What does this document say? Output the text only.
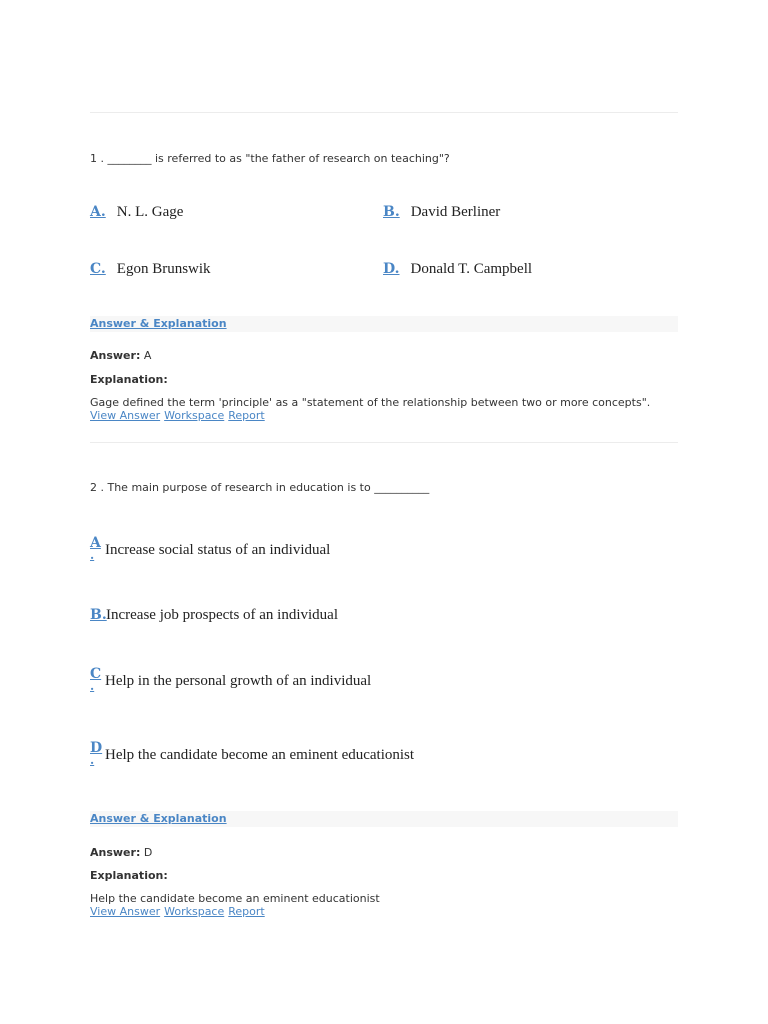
1 . ________ is referred to as "the father of research on teaching"?
A. N. L. Gage	B. David Berliner
C. Egon Brunswik	D. Donald T. Campbell
Answer & Explanation
Answer: A
Explanation:
Gage defined the term 'principle' as a "statement of the relationship between two or more concepts".
View Answer Workspace Report
2 . The main purpose of research in education is to __________
A
. Increase social status of an individual
B. Increase job prospects of an individual
C
. Help in the personal growth of an individual
D
. Help the candidate become an eminent educationist
Answer & Explanation
Answer: D
Explanation:
Help the candidate become an eminent educationist
View Answer Workspace Report
